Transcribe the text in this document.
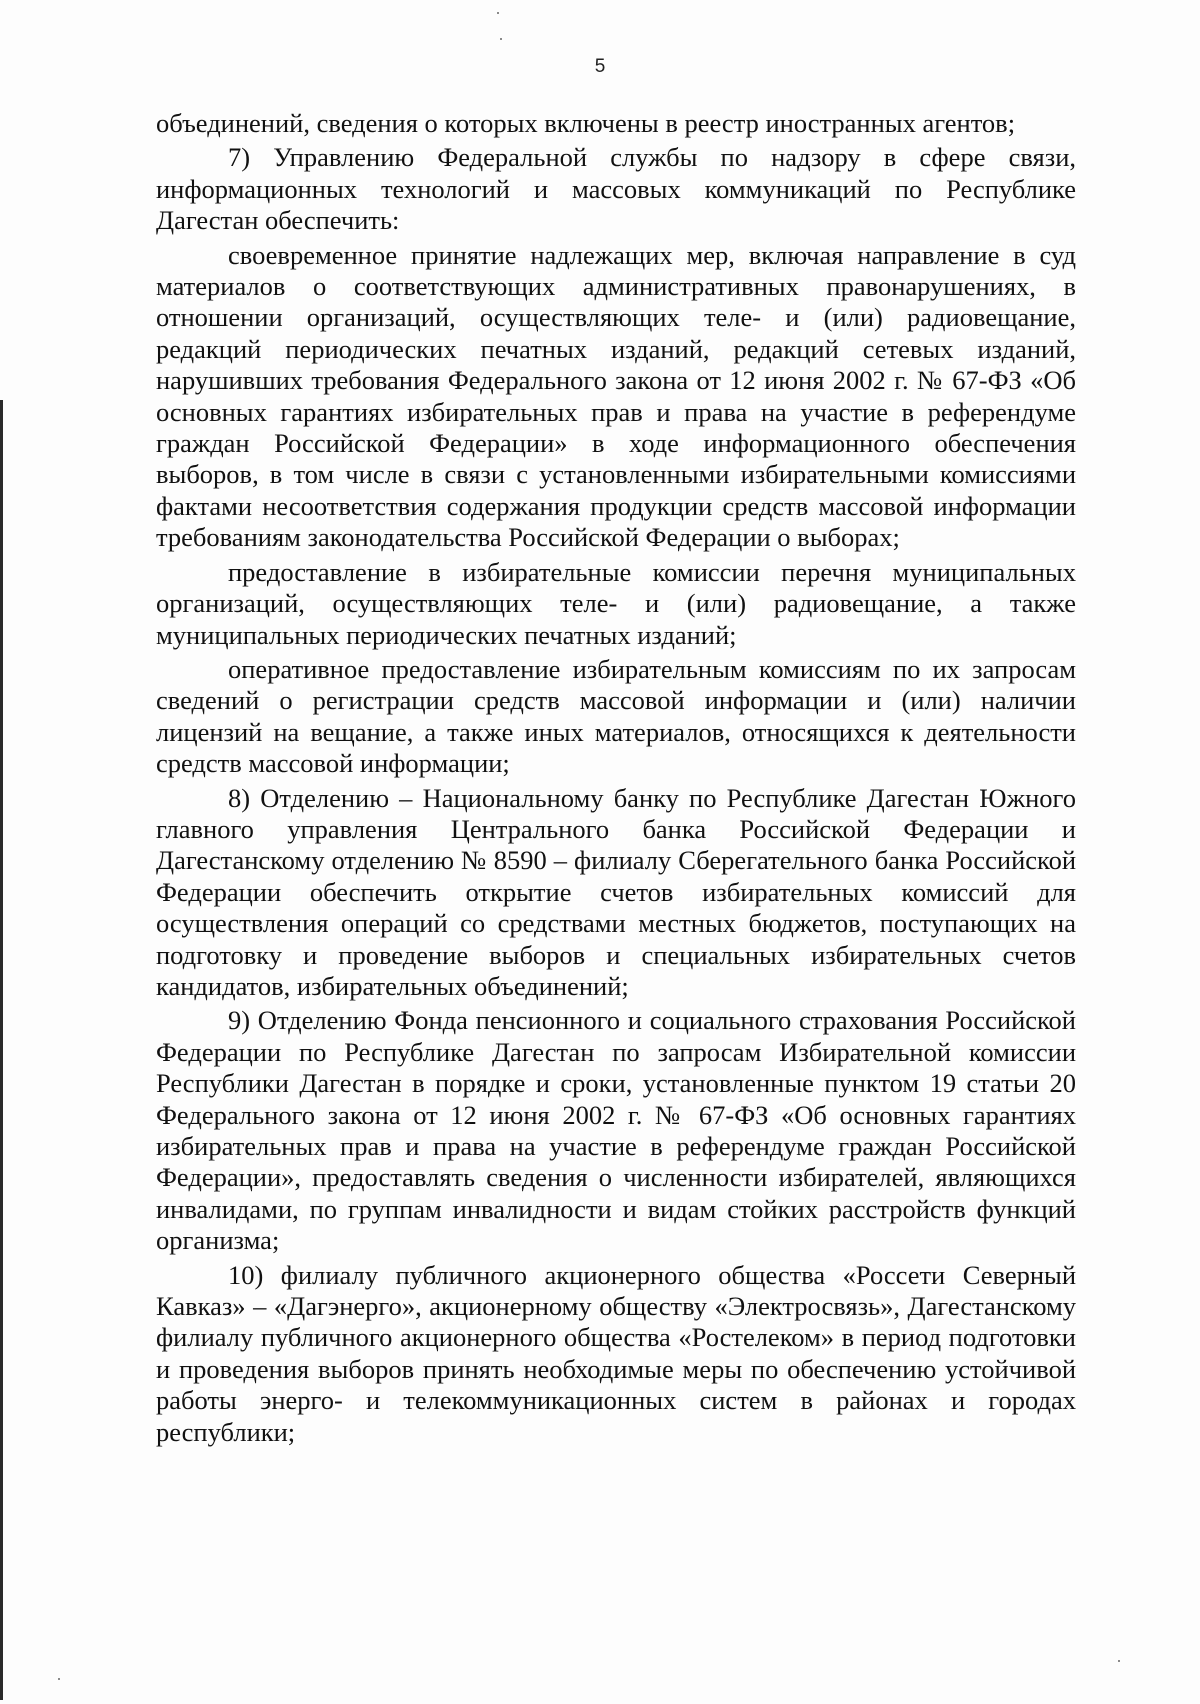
5

объединений, сведения о которых включены в реестр иностранных агентов;

7) Управлению Федеральной службы по надзору в сфере связи, информационных технологий и массовых коммуникаций по Республике Дагестан обеспечить:

своевременное принятие надлежащих мер, включая направление в суд материалов о соответствующих административных правонарушениях, в отношении организаций, осуществляющих теле- и (или) радиовещание, редакций периодических печатных изданий, редакций сетевых изданий, нарушивших требования Федерального закона от 12 июня 2002 г. № 67-ФЗ «Об основных гарантиях избирательных прав и права на участие в референдуме граждан Российской Федерации» в ходе информационного обеспечения выборов, в том числе в связи с установленными избирательными комиссиями фактами несоответствия содержания продукции средств массовой информации требованиям законодательства Российской Федерации о выборах;

предоставление в избирательные комиссии перечня муниципальных организаций, осуществляющих теле- и (или) радиовещание, а также муниципальных периодических печатных изданий;

оперативное предоставление избирательным комиссиям по их запросам сведений о регистрации средств массовой информации и (или) наличии лицензий на вещание, а также иных материалов, относящихся к деятельности средств массовой информации;

8) Отделению – Национальному банку по Республике Дагестан Южного главного управления Центрального банка Российской Федерации и Дагестанскому отделению № 8590 – филиалу Сберегательного банка Российской Федерации обеспечить открытие счетов избирательных комиссий для осуществления операций со средствами местных бюджетов, поступающих на подготовку и проведение выборов и специальных избирательных счетов кандидатов, избирательных объединений;

9) Отделению Фонда пенсионного и социального страхования Российской Федерации по Республике Дагестан по запросам Избирательной комиссии Республики Дагестан в порядке и сроки, установленные пунктом 19 статьи 20 Федерального закона от 12 июня 2002 г. № 67-ФЗ «Об основных гарантиях избирательных прав и права на участие в референдуме граждан Российской Федерации», предоставлять сведения о численности избирателей, являющихся инвалидами, по группам инвалидности и видам стойких расстройств функций организма;

10) филиалу публичного акционерного общества «Россети Северный Кавказ» – «Дагэнерго», акционерному обществу «Электросвязь», Дагестанскому филиалу публичного акционерного общества «Ростелеком» в период подготовки и проведения выборов принять необходимые меры по обеспечению устойчивой работы энерго- и телекоммуникационных систем в районах и городах республики;
